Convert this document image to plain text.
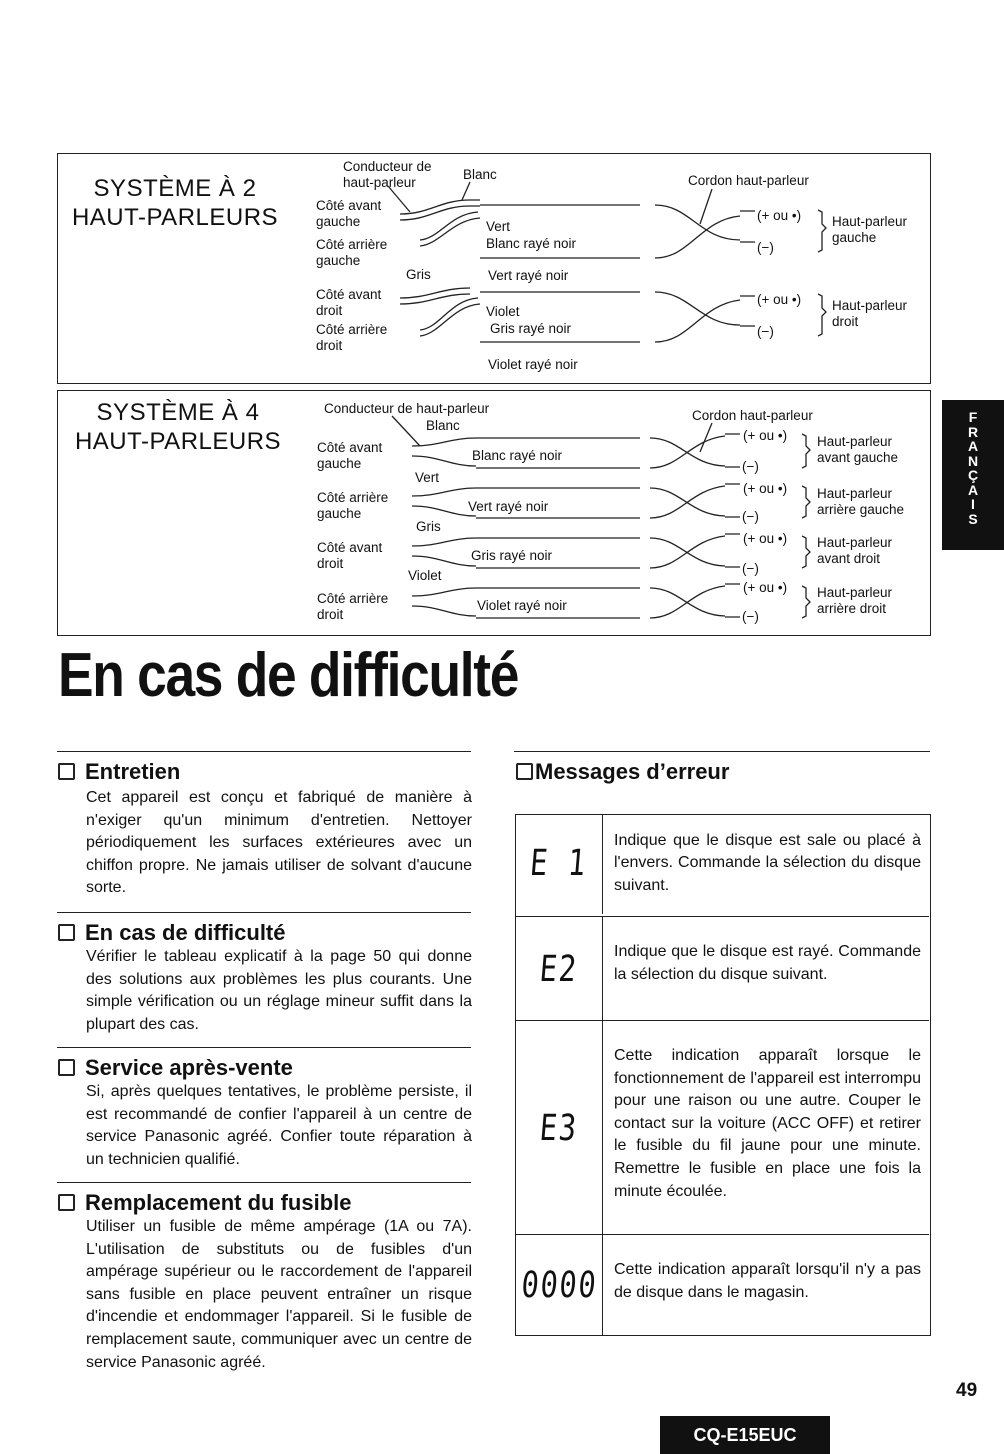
SYSTÈME À 2
HAUT-PARLEURS
Conducteur de
haut-parleur
Blanc	Cordon haut-parleur
Côté avant
gauche
Côté arrière
gauche
Côté avant
droit
Côté arrière
droit
Vert
Blanc rayé noir
Gris	Vert rayé noir
Violet
Gris rayé noir
Violet rayé noir
(+ ou •)
(−)
(+ ou •)
(−)
Haut-parleur
gauche
Haut-parleur
droit
SYSTÈME À 4
HAUT-PARLEURS
Conducteur de haut-parleur
Blanc
Cordon haut-parleur
Côté avant
gauche
Côté arrière
gauche
Côté avant
droit
Côté arrière
droit
Blanc rayé noir
Vert
Vert rayé noir
Gris
Gris rayé noir
Violet
Violet rayé noir
(+ ou •)
(−)
(+ ou •)
(−)
(+ ou •)
(−)
(+ ou •)
(−)
Haut-parleur
avant gauche
Haut-parleur
arrière gauche
Haut-parleur
avant droit
Haut-parleur
arrière droit
F
R
A
N
Ç
A
I
S
En cas de difficulté
Entretien
Cet appareil est conçu et fabriqué de manière à n'exiger qu'un minimum d'entretien. Nettoyer périodiquement les surfaces extérieures avec un chiffon propre. Ne jamais utiliser de solvant d'aucune sorte.
En cas de difficulté
Vérifier le tableau explicatif à la page 50 qui donne des solutions aux problèmes les plus courants. Une simple vérification ou un réglage mineur suffit dans la plupart des cas.
Service après-vente
Si, après quelques tentatives, le problème persiste, il est recommandé de confier l'appareil à un centre de service Panasonic agréé. Confier toute réparation à un technicien qualifié.
Remplacement du fusible
Utiliser un fusible de même ampérage (1A ou 7A). L'utilisation de substituts ou de fusibles d'un ampérage supérieur ou le raccordement de l'appareil sans fusible en place peuvent entraîner un risque d'incendie et endommager l'appareil. Si le fusible de remplacement saute, communiquer avec un centre de service Panasonic agréé.
Messages d’erreur
E 1
Indique que le disque est sale ou placé à l'envers. Commande la sélection du disque suivant.
E2 Indique que le disque est rayé. Commande la sélection du disque suivant.
E3
Cette indication apparaît lorsque le fonctionnement de l'appareil est interrompu pour une raison ou une autre. Couper le contact sur la voiture (ACC OFF) et retirer le fusible du fil jaune pour une minute. Remettre le fusible en place une fois la minute écoulée.
0000 Cette indication apparaît lorsqu'il n'y a pas de disque dans le magasin.
CQ-E15EUC
49
